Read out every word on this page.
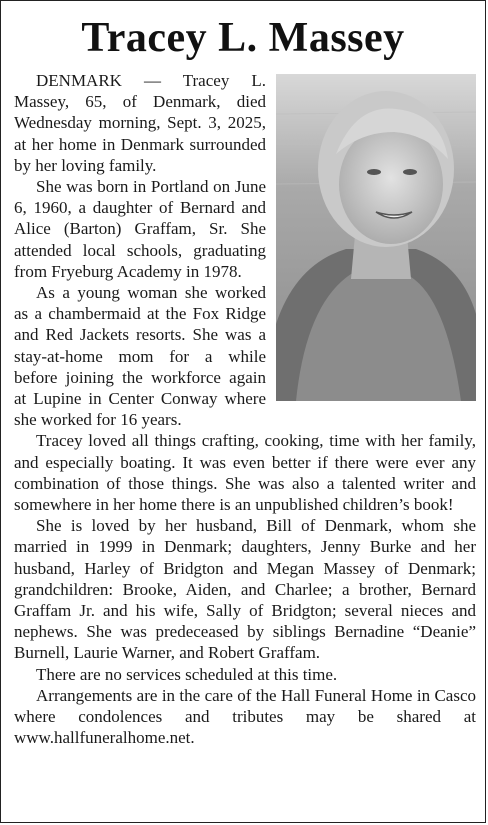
Tracey L. Massey

DENMARK — Tracey L. Massey, 65, of Denmark, died Wednesday morning, Sept. 3, 2025, at her home in Denmark surrounded by her loving family.

She was born in Portland on June 6, 1960, a daughter of Bernard and Alice (Barton) Graffam, Sr. She attended local schools, graduating from Fryeburg Academy in 1978.

As a young woman she worked as a chambermaid at the Fox Ridge and Red Jackets resorts. She was a stay-at-home mom for a while before joining the workforce again at Lupine in Center Conway where she worked for 16 years.

Tracey loved all things crafting, cooking, time with her family, and especially boating. It was even better if there were ever any combination of those things. She was also a talented writer and somewhere in her home there is an unpublished children’s book!

She is loved by her husband, Bill of Denmark, whom she married in 1999 in Denmark; daughters, Jenny Burke and her husband, Harley of Bridgton and Megan Massey of Denmark; grandchildren: Brooke, Aiden, and Charlee; a brother, Bernard Graffam Jr. and his wife, Sally of Bridgton; several nieces and nephews. She was predeceased by siblings Bernadine “Deanie” Burnell, Laurie Warner, and Robert Graffam.

There are no services scheduled at this time.

Arrangements are in the care of the Hall Funeral Home in Casco where condolences and tributes may be shared at www.hallfuneralhome.net.
